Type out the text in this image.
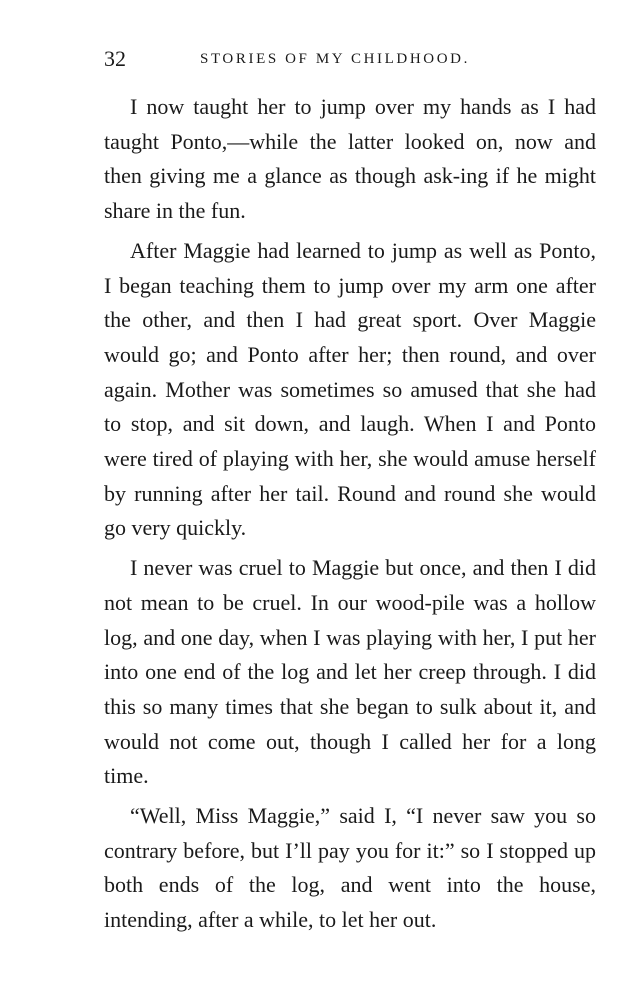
32	STORIES OF MY CHILDHOOD.

I now taught her to jump over my hands as I had taught Ponto,—while the latter looked on, now and then giving me a glance as though ask-ing if he might share in the fun.

After Maggie had learned to jump as well as Ponto, I began teaching them to jump over my arm one after the other, and then I had great sport. Over Maggie would go; and Ponto after her; then round, and over again. Mother was sometimes so amused that she had to stop, and sit down, and laugh. When I and Ponto were tired of playing with her, she would amuse herself by running after her tail. Round and round she would go very quickly.

I never was cruel to Maggie but once, and then I did not mean to be cruel. In our wood-pile was a hollow log, and one day, when I was playing with her, I put her into one end of the log and let her creep through. I did this so many times that she began to sulk about it, and would not come out, though I called her for a long time.

“Well, Miss Maggie,” said I, “I never saw you so contrary before, but I’ll pay you for it:” so I stopped up both ends of the log, and went into the house, intending, after a while, to let her out.
